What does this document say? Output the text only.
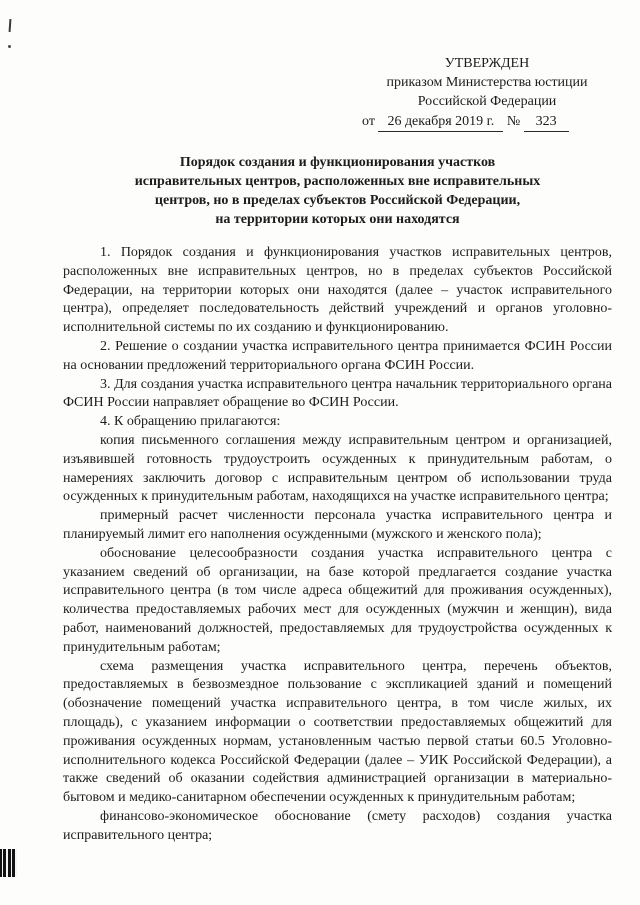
УТВЕРЖДЕН
приказом Министерства юстиции
Российской Федерации
от 26 декабря 2019 г. № 323
Порядок создания и функционирования участков
исправительных центров, расположенных вне исправительных
центров, но в пределах субъектов Российской Федерации,
на территории которых они находятся

1. Порядок создания и функционирования участков исправительных центров, расположенных вне исправительных центров, но в пределах субъектов Российской Федерации, на территории которых они находятся (далее – участок исправительного центра), определяет последовательность действий учреждений и органов уголовно-исполнительной системы по их созданию и функционированию.

2. Решение о создании участка исправительного центра принимается ФСИН России на основании предложений территориального органа ФСИН России.

3. Для создания участка исправительного центра начальник территориального органа ФСИН России направляет обращение во ФСИН России.

4. К обращению прилагаются:

копия письменного соглашения между исправительным центром и организацией, изъявившей готовность трудоустроить осужденных к принудительным работам, о намерениях заключить договор с исправительным центром об использовании труда осужденных к принудительным работам, находящихся на участке исправительного центра;

примерный расчет численности персонала участка исправительного центра и планируемый лимит его наполнения осужденными (мужского и женского пола);

обоснование целесообразности создания участка исправительного центра с указанием сведений об организации, на базе которой предлагается создание участка исправительного центра (в том числе адреса общежитий для проживания осужденных), количества предоставляемых рабочих мест для осужденных (мужчин и женщин), вида работ, наименований должностей, предоставляемых для трудоустройства осужденных к принудительным работам;

схема размещения участка исправительного центра, перечень объектов, предоставляемых в безвозмездное пользование с экспликацией зданий и помещений (обозначение помещений участка исправительного центра, в том числе жилых, их площадь), с указанием информации о соответствии предоставляемых общежитий для проживания осужденных нормам, установленным частью первой статьи 60.5 Уголовно-исполнительного кодекса Российской Федерации (далее – УИК Российской Федерации), а также сведений об оказании содействия администрацией организации в материально-бытовом и медико-санитарном обеспечении осужденных к принудительным работам;

финансово-экономическое обоснование (смету расходов) создания участка исправительного центра;
